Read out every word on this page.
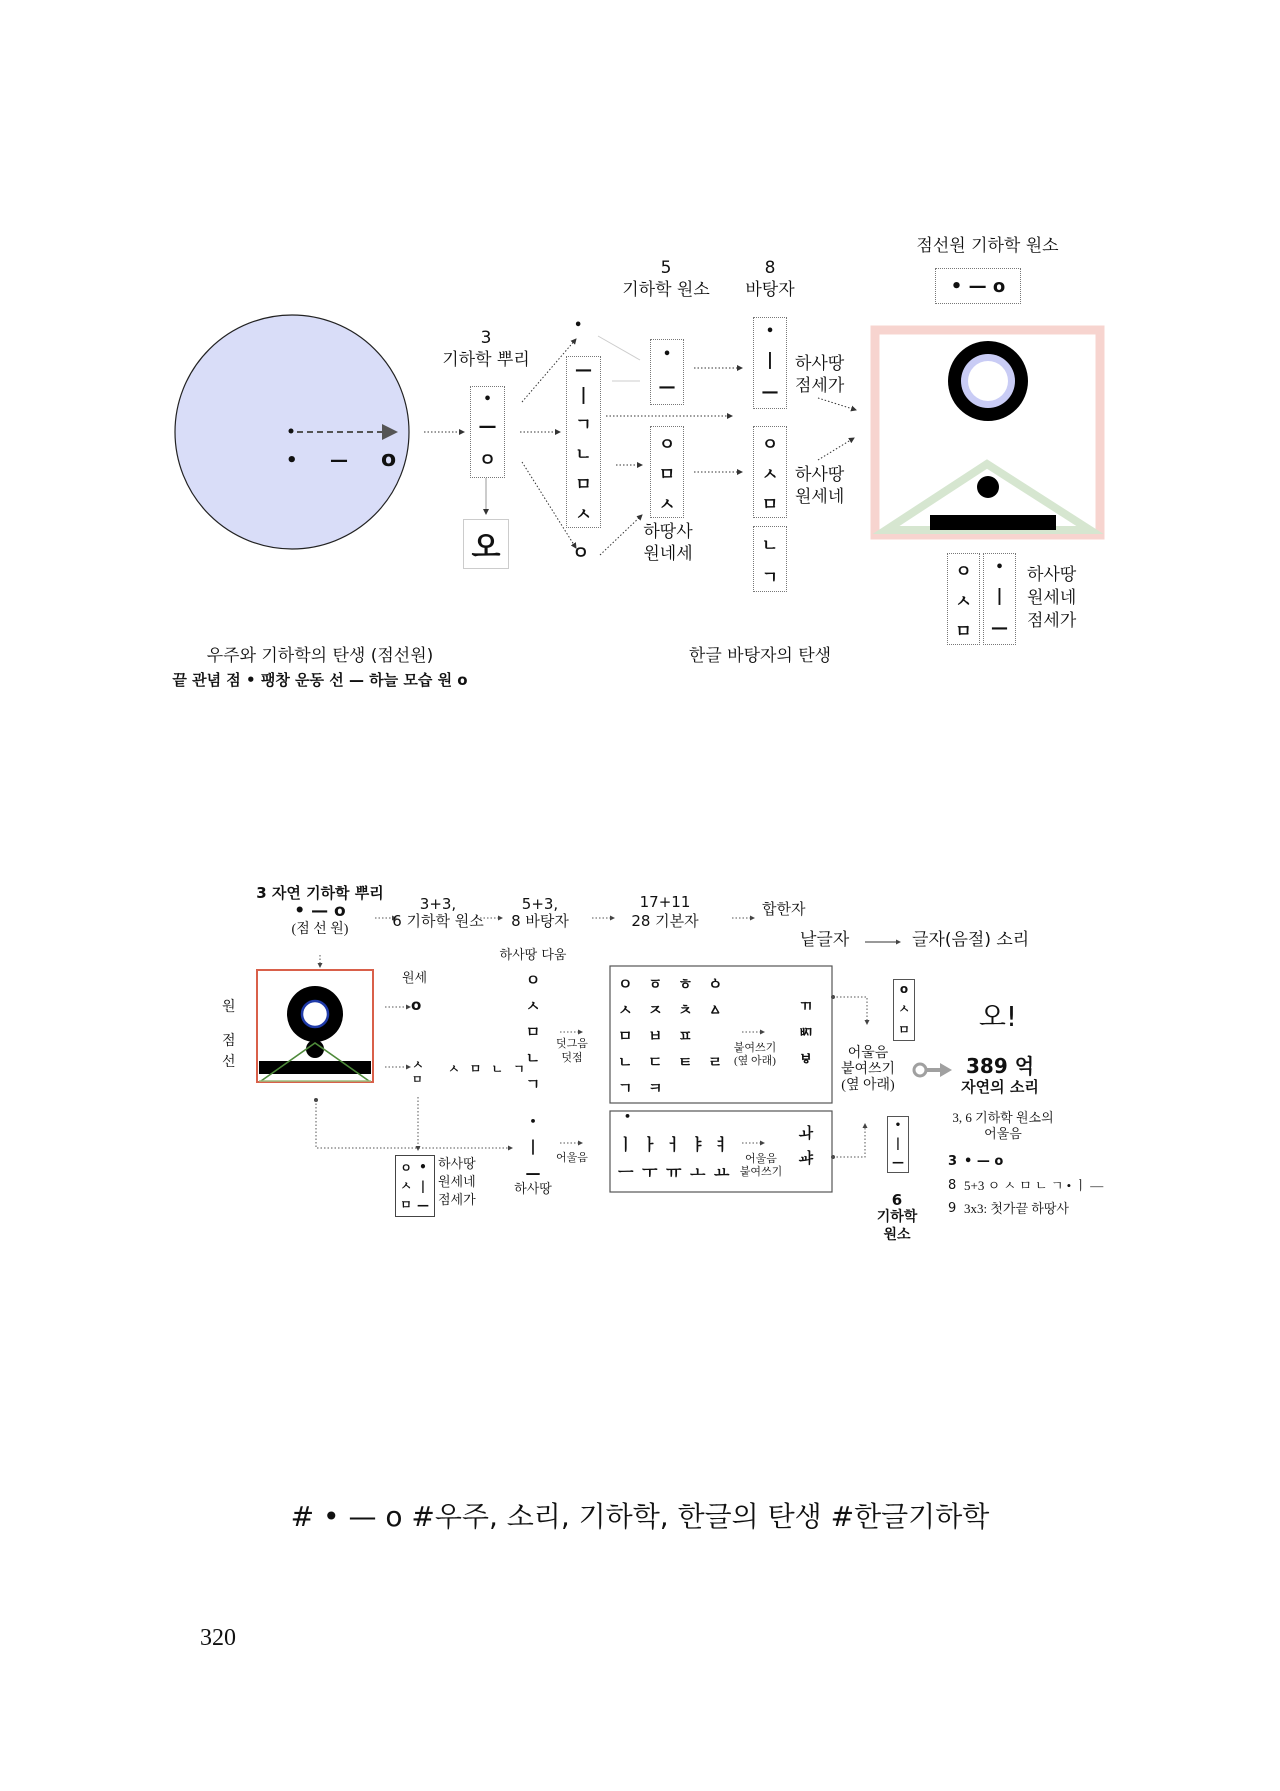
• — o
3
기하학 뿌리
•
—
ㅇ
오
•
—
|
ㄱ
ㄴ
ㅁ
ㅅ
ㅇ
5
기하학 원소
•
—
ㅇ
ㅁ
ㅅ
하땅사
원네세
8
바탕자
•
|
—
ㅇ
ㅅ
ㅁ
ㄴ
ㄱ
하사땅
점세가
하사땅
원세네
점선원 기하학 원소
• — o
ㅇ
ㅅ
ㅁ
•
|
—
하사땅
원세네
점세가
우주와 기하학의 탄생 (점선원)
끝 관념 점 • 팽창 운동 선 — 하늘 모습 원 o
한글 바탕자의 탄생
3 자연 기하학 뿌리
• — o
(점 선 원)
3+3,
6 기하학 원소
5+3,
8 바탕자
17+11
28 기본자
합한자
낱글자	글자(음절) 소리
원
점
선
원세
o
ㅅ
ㅁ
ㅅ ㅁ ㄴ ㄱ
ㅇ
ㅅ
ㅁ
•
|
—
하사땅
원세네
점세가
하사땅 다움
ㅇ
ㅅ
ㅁ
ㄴ
ㄱ
•
|
—
하사땅
덧그음
덧점
어울음
ㅇ	ㆆ	ㅎ	ㆁ
ㅅ	ㅈ	ㅊ	ㅿ
ㅁ	ㅂ	ㅍ
ㄴ	ㄷ	ㅌ	ㄹ
ㄱ	ㅋ
붙여쓰기
(옆 아래)
ㄲ
ㅴ
ㅸ
•
ㅣ ㅏ ㅓ ㅑ ㅕ
ㅡ ㅜ ㅠ ㅗ ㅛ
어울음
붙여쓰기
ㅘ
ㆇ
o
ㅅ
ㅁ
어울음
붙여쓰기
(옆 아래)
오!
389 억
자연의 소리
•
|
—
6
기하학
원소
3, 6 기하학 원소의
어울음
3 • — o
8 5+3 ㅇ ㅅ ㅁ ㄴ ㄱ • ㅣ —
9 3x3: 첫가끝 하땅사
# • — o #우주, 소리, 기하학, 한글의 탄생 #한글기하학
320
